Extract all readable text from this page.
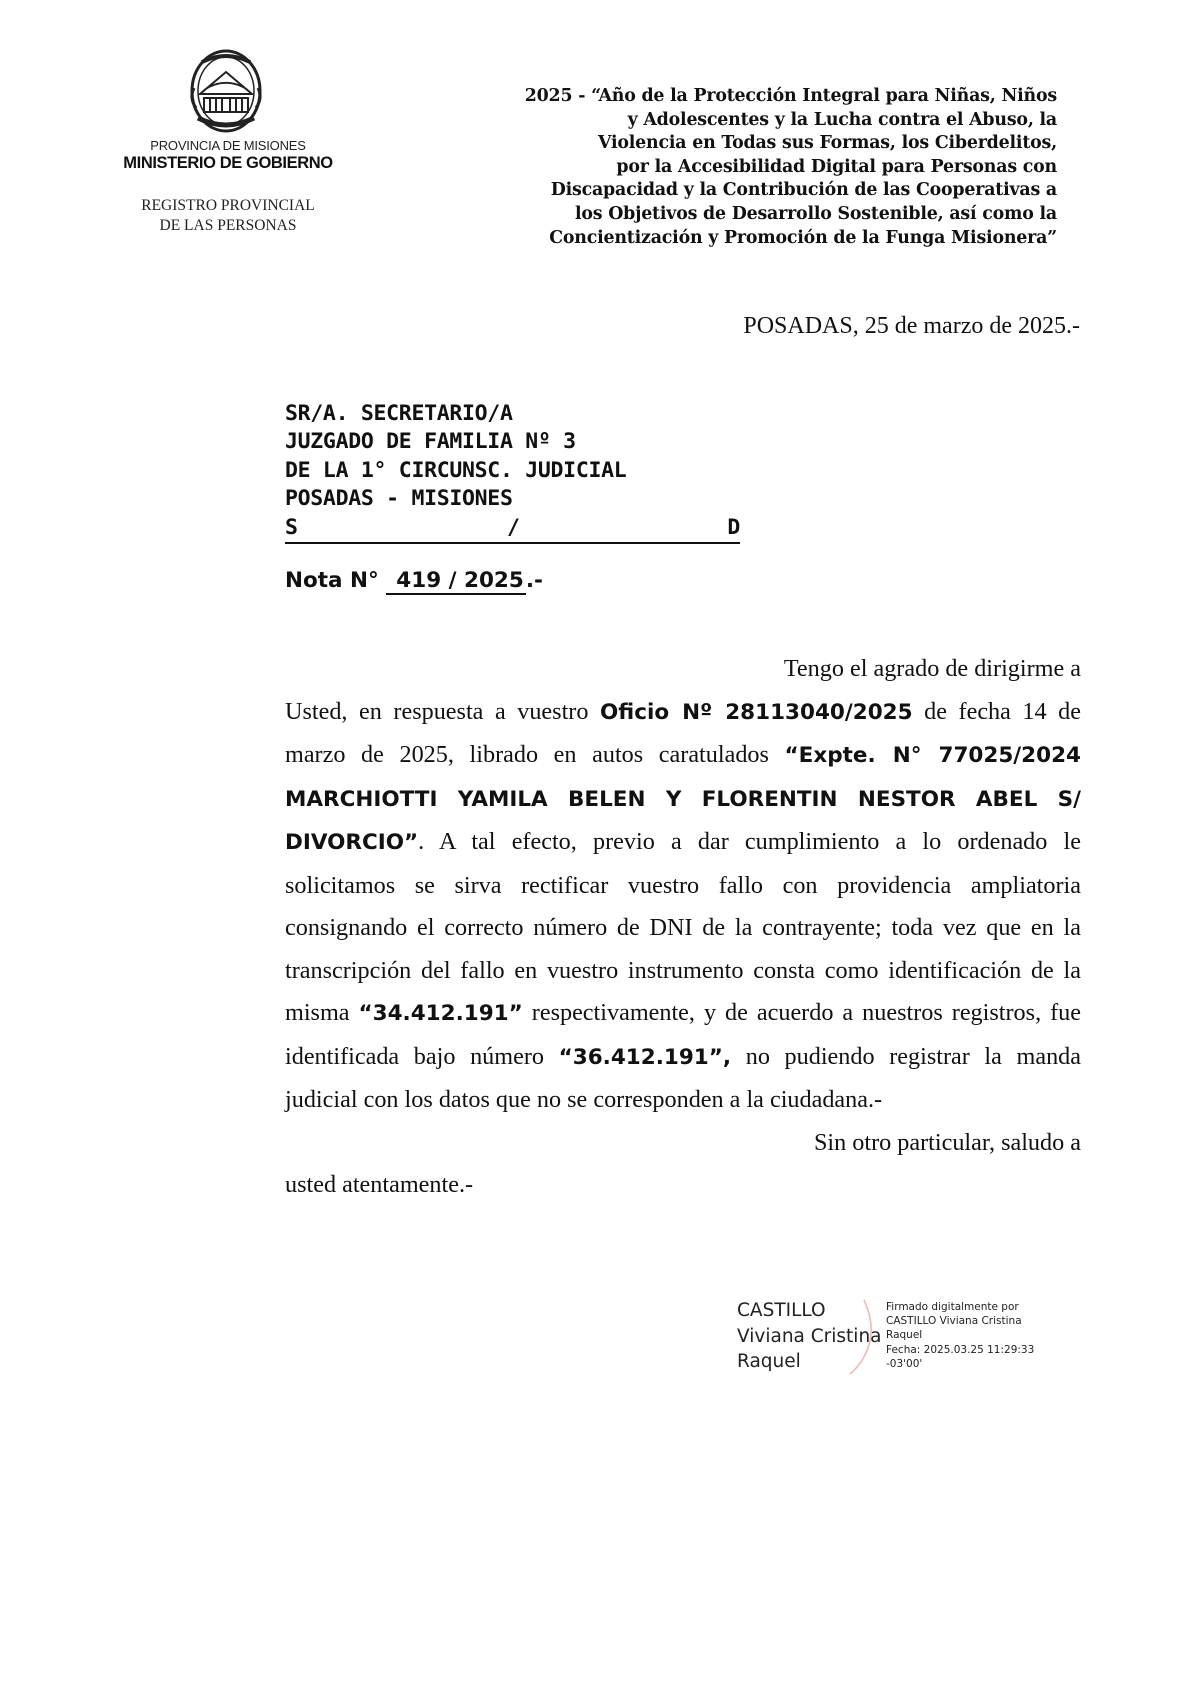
PROVINCIA DE MISIONES
MINISTERIO DE GOBIERNO
REGISTRO PROVINCIAL
DE LAS PERSONAS
2025 - “Año de la Protección Integral para Niñas, Niños
y Adolescentes y la Lucha contra el Abuso, la
Violencia en Todas sus Formas, los Ciberdelitos,
por la Accesibilidad Digital para Personas con
Discapacidad y la Contribución de las Cooperativas a
los Objetivos de Desarrollo Sostenible, así como la
Concientización y Promoción de la Funga Misionera”
POSADAS, 25 de marzo de 2025.-
SR/A. SECRETARIO/A
JUZGADO DE FAMILIA Nº 3
DE LA 1° CIRCUNSC. JUDICIAL
POSADAS - MISIONES
S	/	D
Nota N° 419 / 2025.-

Tengo el agrado de dirigirme a

Usted, en respuesta a vuestro Oficio Nº 28113040/2025 de fecha 14 de marzo de 2025, librado en autos caratulados “Expte. N° 77025/2024 MARCHIOTTI YAMILA BELEN Y FLORENTIN NESTOR ABEL S/ DIVORCIO”. A tal efecto, previo a dar cumplimiento a lo ordenado le solicitamos se sirva rectificar vuestro fallo con providencia ampliatoria consignando el correcto número de DNI de la contrayente; toda vez que en la transcripción del fallo en vuestro instrumento consta como identificación de la misma “34.412.191” respectivamente, y de acuerdo a nuestros registros, fue identificada bajo número “36.412.191”, no pudiendo registrar la manda judicial con los datos que no se corresponden a la ciudadana.-

Sin otro particular, saludo a

usted atentamente.-

CASTILLO
Viviana Cristina
Raquel
Firmado digitalmente por
CASTILLO Viviana Cristina
Raquel
Fecha: 2025.03.25 11:29:33
-03'00'
